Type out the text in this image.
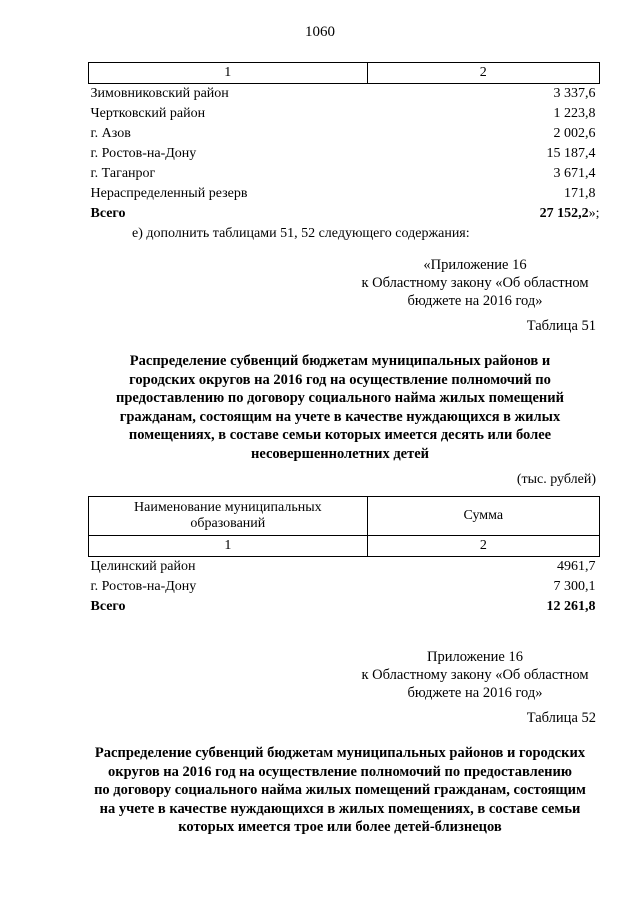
1060
1	2
Зимовниковский район	3 337,6
Чертковский район	1 223,8
г. Азов	2 002,6
г. Ростов-на-Дону	15 187,4
г. Таганрог	3 671,4
Нераспределенный резерв	171,8
Всего	27 152,2»;
е) дополнить таблицами 51, 52 следующего содержания:
«Приложение 16
к Областному закону «Об областном
бюджете на 2016 год»
Таблица 51
Распределение субвенций бюджетам муниципальных районов и
городских округов на 2016 год на осуществление полномочий по
предоставлению по договору социального найма жилых помещений
гражданам, состоящим на учете в качестве нуждающихся в жилых
помещениях, в составе семьи которых имеется десять или более
несовершеннолетних детей
(тыс. рублей)
Наименование муниципальных
образований	Сумма
1	2
Целинский район	4961,7
г. Ростов-на-Дону	7 300,1
Всего	12 261,8
Приложение 16
к Областному закону «Об областном
бюджете на 2016 год»
Таблица 52
Распределение субвенций бюджетам муниципальных районов и городских
округов на 2016 год на осуществление полномочий по предоставлению
по договору социального найма жилых помещений гражданам, состоящим
на учете в качестве нуждающихся в жилых помещениях, в составе семьи
которых имеется трое или более детей-близнецов
